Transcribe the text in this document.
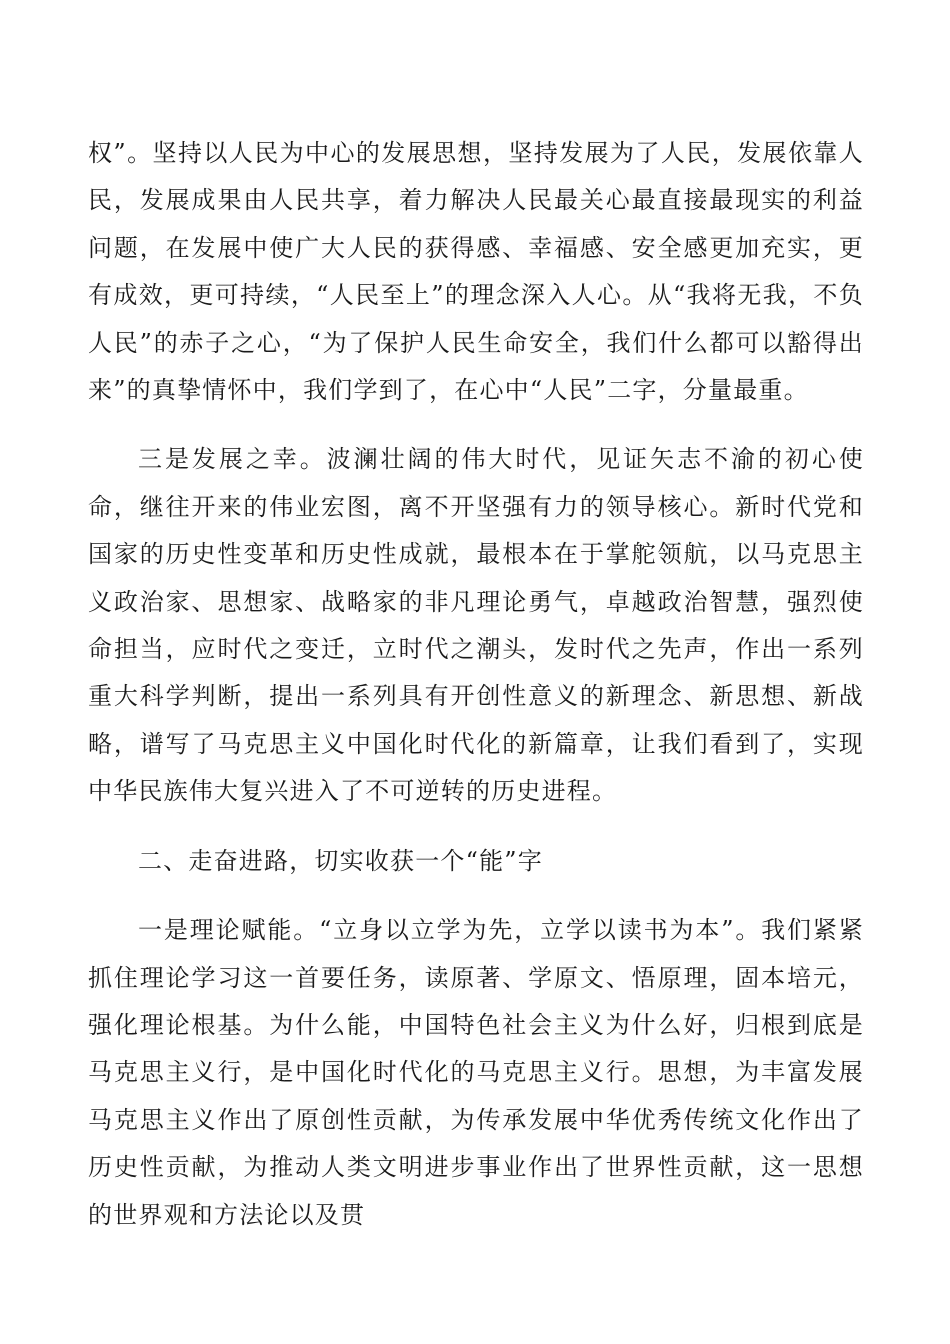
权”。坚持以人民为中心的发展思想，坚持发展为了人民，发展依靠人民，发展成果由人民共享，着力解决人民最关心最直接最现实的利益问题，在发展中使广大人民的获得感、幸福感、安全感更加充实，更有成效，更可持续，“人民至上”的理念深入人心。从“我将无我，不负人民”的赤子之心，“为了保护人民生命安全，我们什么都可以豁得出来”的真挚情怀中，我们学到了，在心中“人民”二字，分量最重。

三是发展之幸。波澜壮阔的伟大时代，见证矢志不渝的初心使命，继往开来的伟业宏图，离不开坚强有力的领导核心。新时代党和国家的历史性变革和历史性成就，最根本在于掌舵领航，以马克思主义政治家、思想家、战略家的非凡理论勇气，卓越政治智慧，强烈使命担当，应时代之变迁，立时代之潮头，发时代之先声，作出一系列重大科学判断，提出一系列具有开创性意义的新理念、新思想、新战略，谱写了马克思主义中国化时代化的新篇章，让我们看到了，实现中华民族伟大复兴进入了不可逆转的历史进程。

二、走奋进路，切实收获一个“能”字

一是理论赋能。“立身以立学为先，立学以读书为本”。我们紧紧抓住理论学习这一首要任务，读原著、学原文、悟原理，固本培元，强化理论根基。为什么能，中国特色社会主义为什么好，归根到底是马克思主义行，是中国化时代化的马克思主义行。思想，为丰富发展马克思主义作出了原创性贡献，为传承发展中华优秀传统文化作出了历史性贡献，为推动人类文明进步事业作出了世界性贡献，这一思想的世界观和方法论以及贯
